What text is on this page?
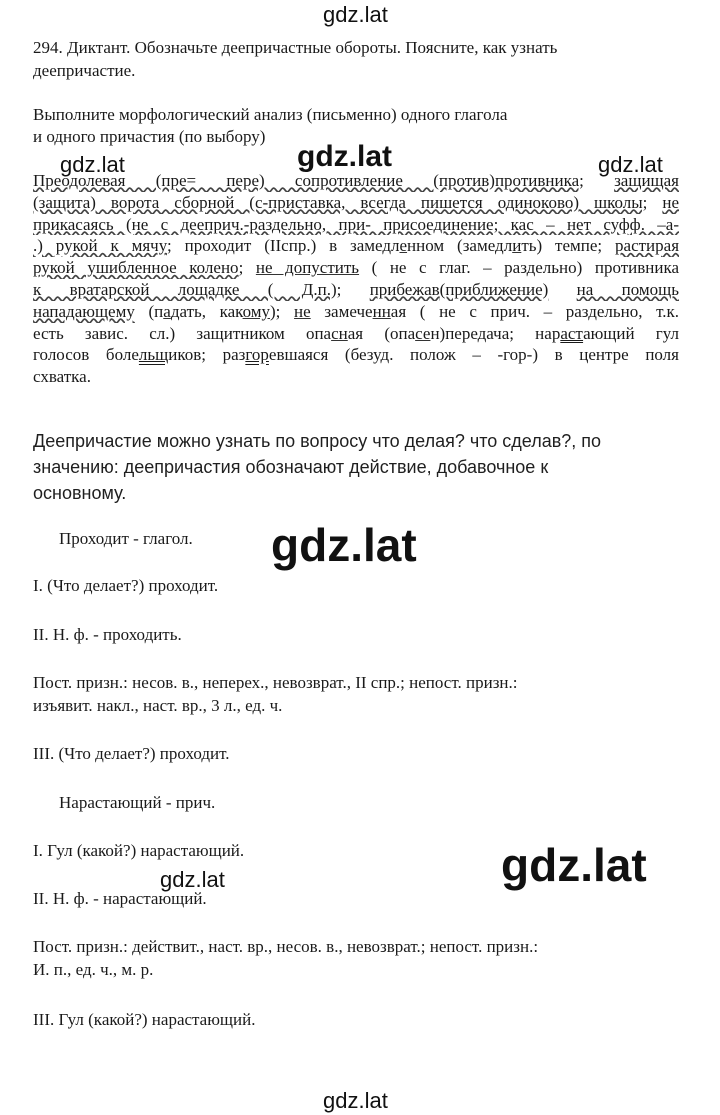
gdz.lat
gdz.lat	gdz.lat	gdz.lat
gdz.lat
gdz.lat
gdz.lat
gdz.lat
294. Диктант. Обозначьте деепричастные обороты. Поясните, как узнать
деепричастие.
Выполните морфологический анализ (письменно) одного глагола
и одного причастия (по выбору)
Преодолевая (пре= пере) сопротивление (против)противника; защищая
(защита) ворота сборной (с-приставка, всегда пишется одиноково) школы; не
прикасаясь (не с дееприч.-раздельно, при- присоединение; кас – нет суфф. –а-
.) рукой к мячу; проходит (IIспр.) в замедленном (замедлить) темпе; растирая
рукой ушибленное колено; не допустить ( не с глаг. – раздельно) противника
к вратарской лощадке ( Д.п.); прибежав(приближение) на помощь
нападающему (падать, какому); не замеченная ( не с прич. – раздельно, т.к.
есть завис. сл.) защитником опасная (опасен)передача; нарастающий гул
голосов болельщиков; разгоревшаяся (безуд. полож – -гор-) в центре поля
схватка.
Деепричастие можно узнать по вопросу что делая? что сделав?, по
значению: деепричастия обозначают действие, добавочное к
основному.
Проходит - глагол.
I. (Что делает?) проходит.
II. Н. ф. - проходить.
Пост. призн.: несов. в., неперех., невозврат., II спр.; непост. призн.:
изъявит. накл., наст. вр., 3 л., ед. ч.
III. (Что делает?) проходит.
Нарастающий - прич.
I. Гул (какой?) нарастающий.
II. Н. ф. - нарастающий.
Пост. призн.: действит., наст. вр., несов. в., невозврат.; непост. призн.:
И. п., ед. ч., м. р.
III. Гул (какой?) нарастающий.
